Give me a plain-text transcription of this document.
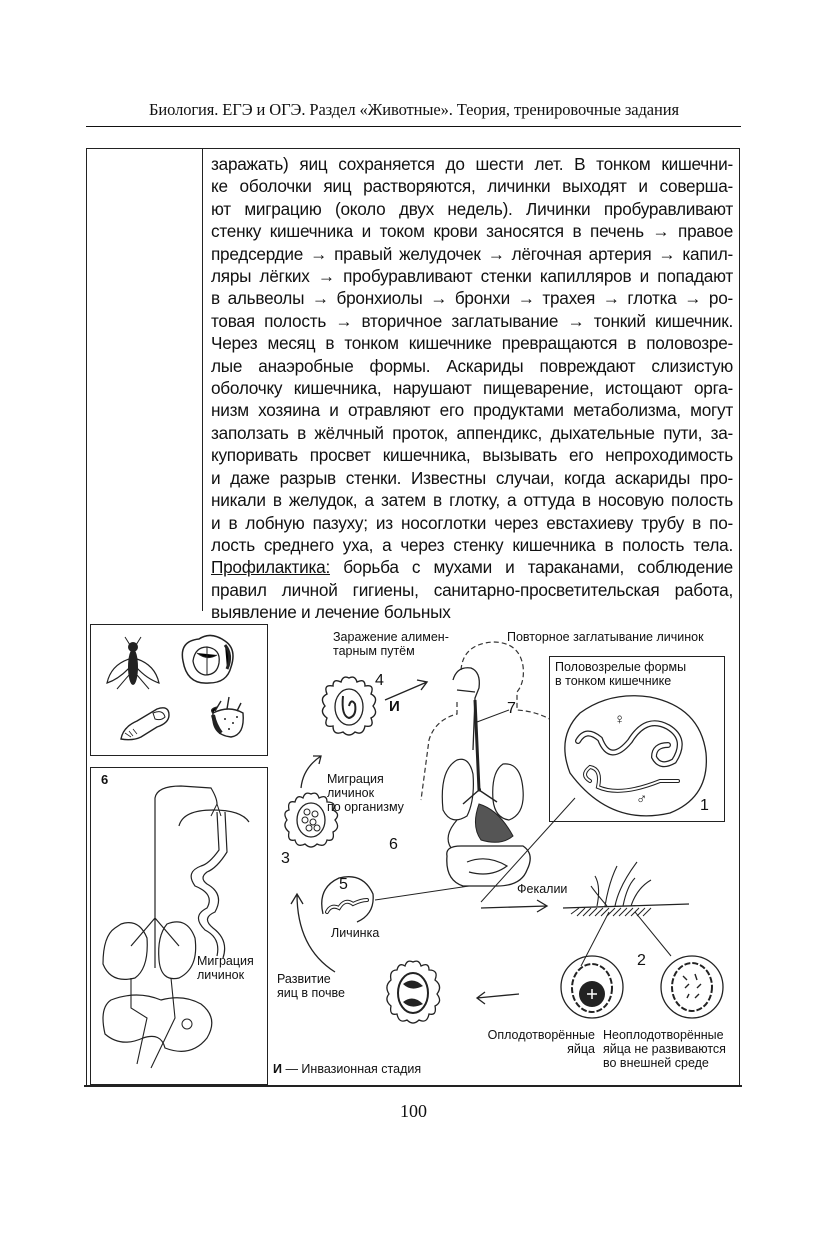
Биология. ЕГЭ и ОГЭ. Раздел «Животные». Теория, тренировочные задания
заражать) яиц сохраняется до шести лет. В тонком кишечни-
ке оболочки яиц растворяются, личинки выходят и соверша-
ют миграцию (около двух недель). Личинки пробуравливают
стенку кишечника и током крови заносятся в печень → правое
предсердие → правый желудочек → лёгочная артерия → капил-
ляры лёгких → пробуравливают стенки капилляров и попадают
в альвеолы → бронхиолы → бронхи → трахея → глотка → ро-
товая полость → вторичное заглатывание → тонкий кишечник.
Через месяц в тонком кишечнике превращаются в половозре-
лые анаэробные формы. Аскариды повреждают слизистую
оболочку кишечника, нарушают пищеварение, истощают орга-
низм хозяина и отравляют его продуктами метаболизма, могут
заползать в жёлчный проток, аппендикс, дыхательные пути, за-
купоривать просвет кишечника, вызывать его непроходимость
и даже разрыв стенки. Известны случаи, когда аскариды про-
никали в желудок, а затем в глотку, а оттуда в носовую полость
и в лобную пазуху; из носоглотки через евстахиеву трубу в по-
лость среднего уха, а через стенку кишечника в полость тела.
Профилактика: борьба с мухами и тараканами, соблюдение
правил личной гигиены, санитарно-просветительская работа,
выявление и лечение больных
6
Миграция
личинок
Заражение алимен-
тарным путём
Повторное заглатывание личинок
4
И	7
Половозрелые формы
в тонком кишечнике
♀
♂	1
3
Миграция
личинок
по организму
6
5
Личинка
Фекалии
2
Оплодотворённые
яйца
Неоплодотворённые
яйца не развиваются
во внешней среде
Развитие
яиц в почве
И — Инвазионная стадия
100
